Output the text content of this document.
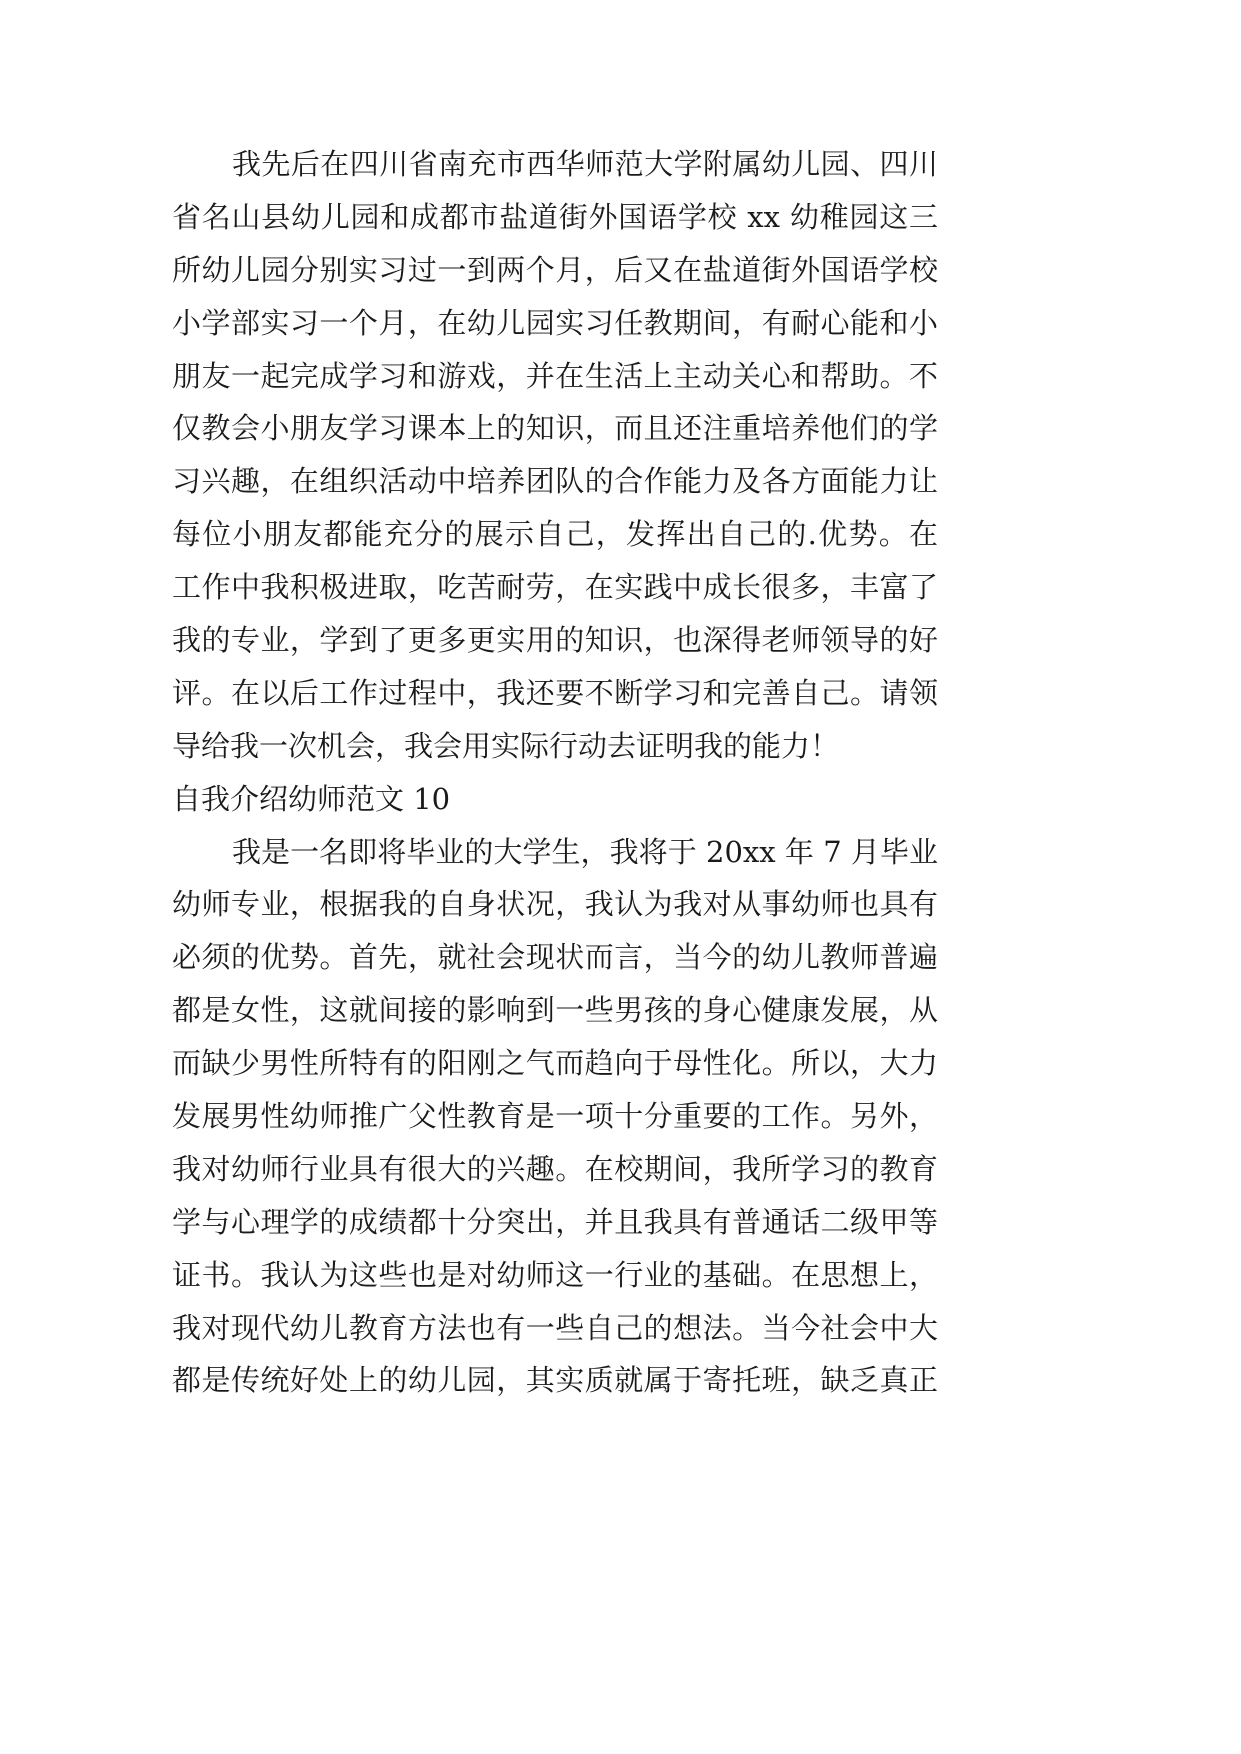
我先后在四川省南充市西华师范大学附属幼儿园、四川
省名山县幼儿园和成都市盐道街外国语学校 xx 幼稚园这三
所幼儿园分别实习过一到两个月，后又在盐道街外国语学校
小学部实习一个月，在幼儿园实习任教期间，有耐心能和小
朋友一起完成学习和游戏，并在生活上主动关心和帮助。不
仅教会小朋友学习课本上的知识，而且还注重培养他们的学
习兴趣，在组织活动中培养团队的合作能力及各方面能力让
每位小朋友都能充分的展示自己，发挥出自己的.优势。在
工作中我积极进取，吃苦耐劳，在实践中成长很多，丰富了
我的专业，学到了更多更实用的知识，也深得老师领导的好
评。在以后工作过程中，我还要不断学习和完善自己。请领
导给我一次机会，我会用实际行动去证明我的能力！
自我介绍幼师范文 10
我是一名即将毕业的大学生，我将于 20xx 年 7 月毕业
幼师专业，根据我的自身状况，我认为我对从事幼师也具有
必须的优势。首先，就社会现状而言，当今的幼儿教师普遍
都是女性，这就间接的影响到一些男孩的身心健康发展，从
而缺少男性所特有的阳刚之气而趋向于母性化。所以，大力
发展男性幼师推广父性教育是一项十分重要的工作。另外，
我对幼师行业具有很大的兴趣。在校期间，我所学习的教育
学与心理学的成绩都十分突出，并且我具有普通话二级甲等
证书。我认为这些也是对幼师这一行业的基础。在思想上，
我对现代幼儿教育方法也有一些自己的想法。当今社会中大
都是传统好处上的幼儿园，其实质就属于寄托班，缺乏真正
